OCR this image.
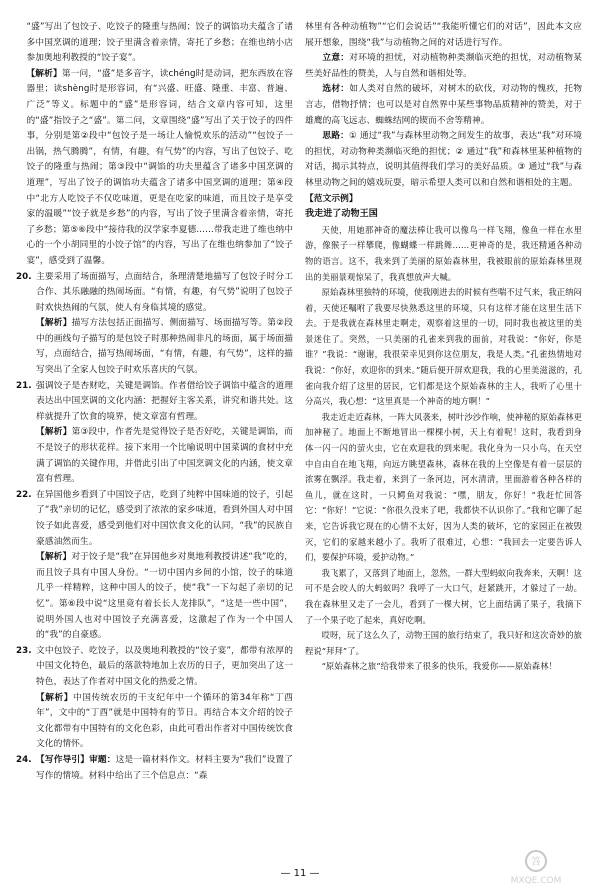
“盛”写出了包饺子、吃饺子的隆重与热闹；饺子的调馅功夫蕴含了诸多中国烹调的道理；饺子里满含着亲情，寄托了乡愁；在维也纳小店参加奥地利教授的“饺子宴”。

【解析】第一问，“盛”是多音字，读chéng时是动词，把东西放在容器里；读shèng时是形容词，有“兴盛、旺盛、隆重、丰富、普遍、广泛”等义。标题中的“盛”是形容词，结合文章内容可知，这里的“盛”指饺子之“盛”。第二问，文章围绕“盛”写出了关于饺子的四件事，分别是第②段中“包饺子是一场让人愉悦欢乐的活动”“包饺子一出锅，热气腾腾”，有情，有趣，有气势”的内容，写出了包饺子、吃饺子的隆重与热闹；第③段中“调馅的功夫里蕴含了诸多中国烹调的道理”，写出了饺子的调馅功夫蕴含了诸多中国烹调的道理；第④段中“北方人吃饺子不仅吃味道，更是在吃家的味道，而且饺子是享受家的温暖”“饺子就是乡愁”的内容，写出了饺子里满含着亲情，寄托了乡愁；第⑤⑥段中“接待我的汉学家李夏德……带我走进了维也纳中心的一个小胡同里的小饺子馆”的内容，写出了在维也纳参加了“饺子宴”，感受到了温馨。

20. 主要采用了场面描写，点面结合，条理清楚地描写了包饺子时分工合作、其乐融融的热闹场面。“有情，有趣，有气势”说明了包饺子时欢快热闹的气氛，使人有身临其境的感觉。

【解析】描写方法包括正面描写、侧面描写、场面描写等。第②段中的画线句子描写的是包饺子时那种热闹非凡的场面，属于场面描写，点面结合，描写热闹场面，“有情，有趣，有气势”，这样的描写突出了全家人包饺子时欢乐喜庆的气氛。

21. 强调饺子是杏财吃，关键是调馅。作者借给饺子调馅中蕴含的道理表达出中国烹调的文化内涵：把握好主客关系，讲究和谐共处。这样就提升了饮食的境界，使文章富有哲理。

【解析】第③段中，作者先是觉得饺子是否好吃，关键是调馅，而不是饺子的形状花样。接下来用一个比喻说明中国菜调的食材中充满了调馅的关键作用，并借此引出了中国烹调文化的内涵，使文章富有哲理。

22. 在异国他乡看到了中国饺子店，吃到了纯粹中国味道的饺子，引起了“我”亲切的记忆，感受到了浓浓的家乡味道，看到外国人对中国饺子如此喜爱，感受到他们对中国饮食文化的认同，“我”的民族自豪感油然而生。

【解析】对于饺子是“我”在异国他乡对奥地利教授讲述“我”吃的，而且饺子具有中国人身份。“一切中国内乡间的小馆，饺子的味道几乎一样精粹，这种中国人的饺子，使“我”一下勾起了亲切的记忆”。第⑥段中说“这里竟有着长长人龙排队”，“这是一些中国”，说明外国人也对中国饺子充满喜爱，这激起了作为一个中国人的“我”的自豪感。

23. 文中包饺子、吃饺子，以及奥地利教授的“饺子宴”，都带有浓厚的中国文化特色，最后的落款特地加上农历的日子，更加突出了这一特色，表达了作者对中国文化的热爱之情。

【解析】中国传统农历的干支纪年中一个循环的第34年称“丁酉年”，文中的“丁酉”就是中国特有的节日。再结合本文介绍的饺子文化都带有中国特有的文化色彩，由此可看出作者对中国传统饮食文化的情怀。

24. 【写作导引】审题：这是一篇材料作文。材料主要为“我们”设置了写作的情境。材料中给出了三个信息点：“森

林里有各种动植物”“它们会说话”“我能听懂它们的对话”，因此本文应展开想象，围绕“我”与动植物之间的对话进行写作。

立意：对环境的担忧，对动植物种类濒临灭绝的担忧，对动植物某些美好品性的赞美，人与自然和谐相处等。

选材：如人类对自然的破坏，对树木的砍伐，对动物的愧疚，托物言志，借物抒情；也可以是对自然界中某些事物品质精神的赞美，对于雄鹰的高飞远志、蜘蛛结网的锲而不舍等精神。

思路：① 通过“我”与森林里动物之间发生的故事，表达“我”对环境的担忧，对动物种类濒临灭绝的担忧；② 通过“我”和森林里某种植物的对话，揭示其特点，说明其值得我们学习的美好品质。③ 通过“我”与森林里动物之间的嬉戏玩耍，暗示希望人类可以和自然和谐相处的主题。

【范文示例】

我走进了动物王国

天使，用她那神奇的魔法棒让我可以像鸟一样飞翔，像鱼一样在水里游，像猴子一样攀爬，像蝴蝶一样跳舞……更神奇的是，我还精通各种动物的语言。这不，我来到了美丽的原始森林里，我被眼前的原始森林里现出的美丽景观惊呆了，我真想放声大喊。

原始森林里独特的环境，使我刚进去的时候有些喘不过气来，我正纳闷着，天使还嘱咐了我要尽快熟悉这里的环境，只有这样才能在这里生活下去。于是我就在森林里走啊走，观察着这里的一切，同时我也被这里的美景迷住了。突然，一只美丽的孔雀来到我的面前，对我说：“你好，你是谁？”我说：“谢谢，我很荣幸见到你这位朋友，我是人类。”孔雀热情地对我说：“你好，欢迎你的到来。”随后便开屏欢迎我，我的心里美滋滋的，孔雀向我介绍了这里的居民，它们都是这个原始森林的主人，我听了心里十分高兴，我心想：“这里真是一个神奇的地方啊！”

我走近走近森林，一阵大风袭来，树叶沙沙作响，使神秘的原始森林更加神秘了。地面上不断地冒出一棵棵小树，天上有着呢！这时，我看到身体一闪一闪的萤火虫，它在欢迎我的到来呢。我化身为一只小鸟，在天空中自由自在地飞翔，向远方眺望森林，森林在我的上空像是有着一层层的浓雾在飘浮。我走着，来到了一条河边，河水清清，里面游着各种各样的鱼儿，就在这时，一只鳄鱼对我说：“嘿，朋友，你好！”我赶忙回答它：“你好！”它说：“你很久没来了吧，我都快不认识你了。”我和它聊了起来，它告诉我它现在的心情不太好，因为人类的破坏，它的家园正在被毁灭，它们的家越来越小了。我听了很难过，心想：“我回去一定要告诉人们，要保护环境，爱护动物。”

我飞累了，又落到了地面上，忽然，一群大型蚂蚁向我奔来，天啊！这可不是会咬人的大蚂蚁吗？我呼了一大口气，赶紧跳开，才躲过了一劫。我在森林里又走了一会儿，看到了一棵大树，它上面结满了果子，我摘下了一个果子吃了起来，真好吃啊。

哎呀，玩了这么久了，动物王国的旅行结束了，我只好和这次奇妙的旅程说“拜拜”了。

“原始森林之旅”给我带来了很多的快乐，我爱你——原始森林！

— 11 —
答
MXQE.COM
